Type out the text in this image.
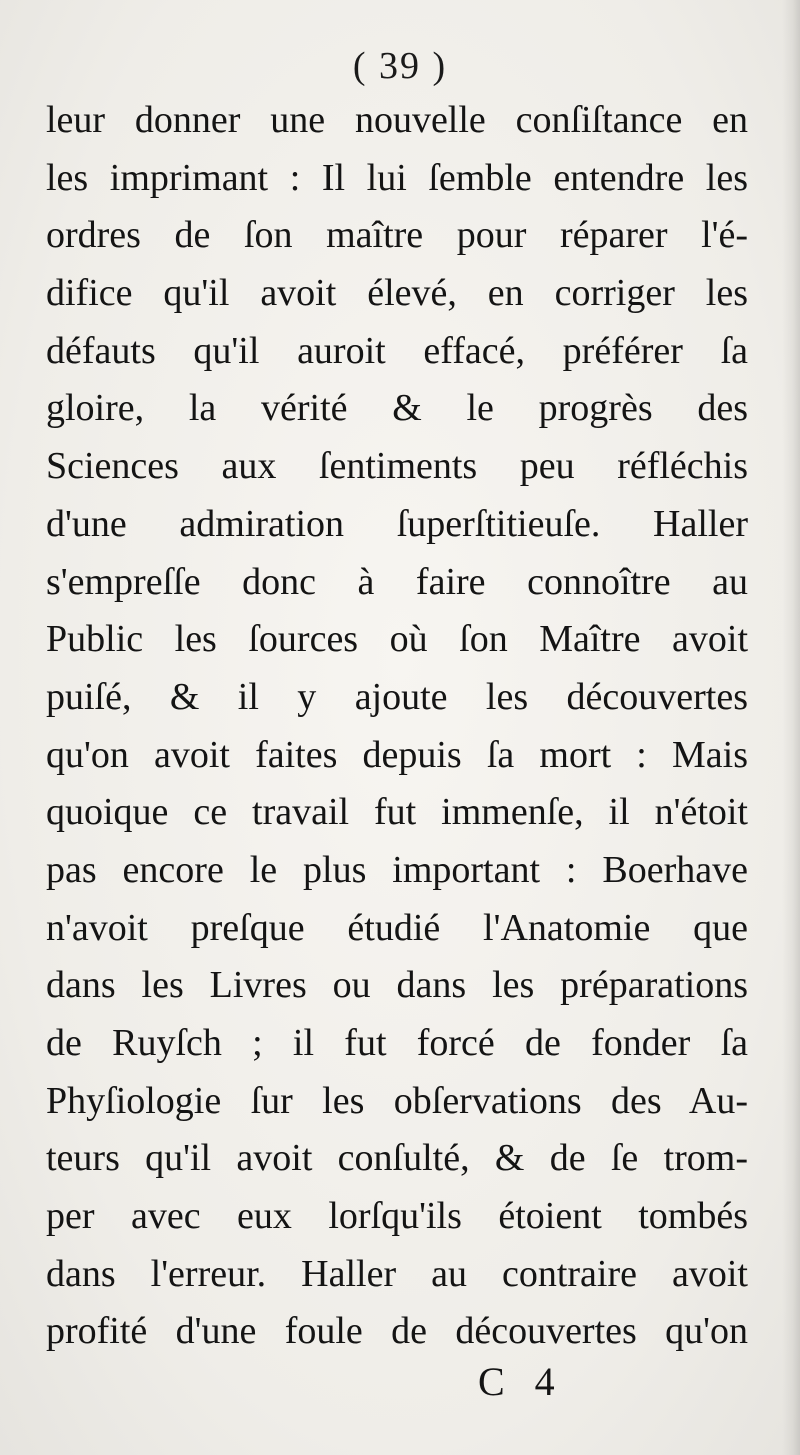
( 39 )
leur donner une nouvelle conſiſtance en
les imprimant : Il lui ſemble entendre les
ordres de ſon maître pour réparer l'é-
difice qu'il avoit élevé, en corriger les
défauts qu'il auroit effacé, préférer ſa
gloire, la vérité & le progrès des
Sciences aux ſentiments peu réfléchis
d'une admiration ſuperſtitieuſe. Haller
s'empreſſe donc à faire connoître au
Public les ſources où ſon Maître avoit
puiſé, & il y ajoute les découvertes
qu'on avoit faites depuis ſa mort : Mais
quoique ce travail fut immenſe, il n'étoit
pas encore le plus important : Boerhave
n'avoit preſque étudié l'Anatomie que
dans les Livres ou dans les préparations
de Ruyſch ; il fut forcé de fonder ſa
Phyſiologie ſur les obſervations des Au-
teurs qu'il avoit conſulté, & de ſe trom-
per avec eux lorſqu'ils étoient tombés
dans l'erreur. Haller au contraire avoit
profité d'une foule de découvertes qu'on
C 4
